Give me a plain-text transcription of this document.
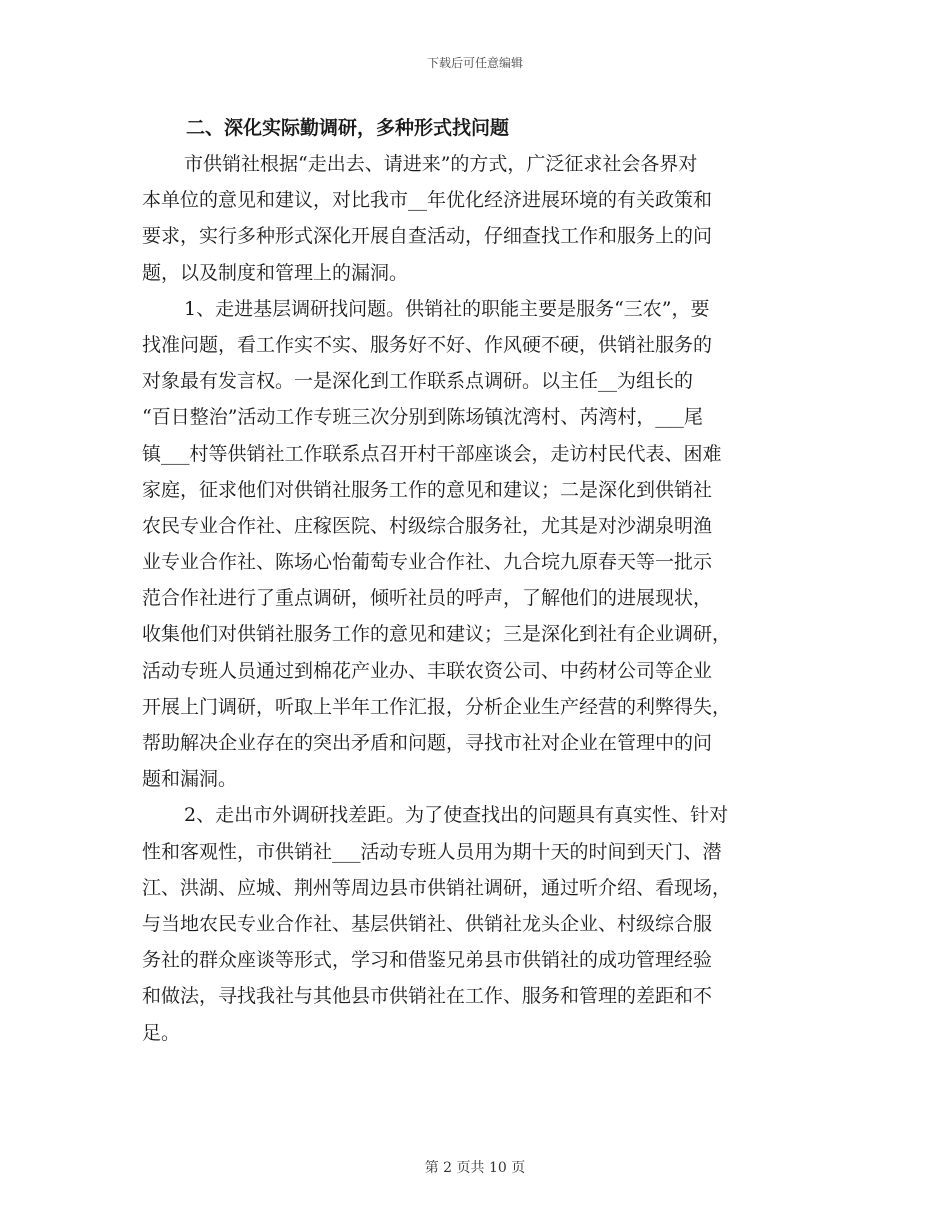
下载后可任意编辑
二、深化实际勤调研，多种形式找问题

市供销社根据“走出去、请进来”的方式，广泛征求社会各界对
本单位的意见和建议，对比我市__年优化经济进展环境的有关政策和
要求，实行多种形式深化开展自查活动，仔细查找工作和服务上的问
题，以及制度和管理上的漏洞。

1、走进基层调研找问题。供销社的职能主要是服务“三农”，要
找准问题，看工作实不实、服务好不好、作风硬不硬，供销社服务的
对象最有发言权。一是深化到工作联系点调研。以主任__为组长的
“百日整治”活动工作专班三次分别到陈场镇沈湾村、芮湾村，___尾
镇___村等供销社工作联系点召开村干部座谈会，走访村民代表、困难
家庭，征求他们对供销社服务工作的意见和建议；二是深化到供销社
农民专业合作社、庄稼医院、村级综合服务社，尤其是对沙湖泉明渔
业专业合作社、陈场心怡葡萄专业合作社、九合垸九原春天等一批示
范合作社进行了重点调研，倾听社员的呼声，了解他们的进展现状，
收集他们对供销社服务工作的意见和建议；三是深化到社有企业调研，
活动专班人员通过到棉花产业办、丰联农资公司、中药材公司等企业
开展上门调研，听取上半年工作汇报，分析企业生产经营的利弊得失，
帮助解决企业存在的突出矛盾和问题，寻找市社对企业在管理中的问
题和漏洞。

2、走出市外调研找差距。为了使查找出的问题具有真实性、针对
性和客观性，市供销社___活动专班人员用为期十天的时间到天门、潜
江、洪湖、应城、荆州等周边县市供销社调研，通过听介绍、看现场，
与当地农民专业合作社、基层供销社、供销社龙头企业、村级综合服
务社的群众座谈等形式，学习和借鉴兄弟县市供销社的成功管理经验
和做法，寻找我社与其他县市供销社在工作、服务和管理的差距和不
足。

第 2 页共 10 页
